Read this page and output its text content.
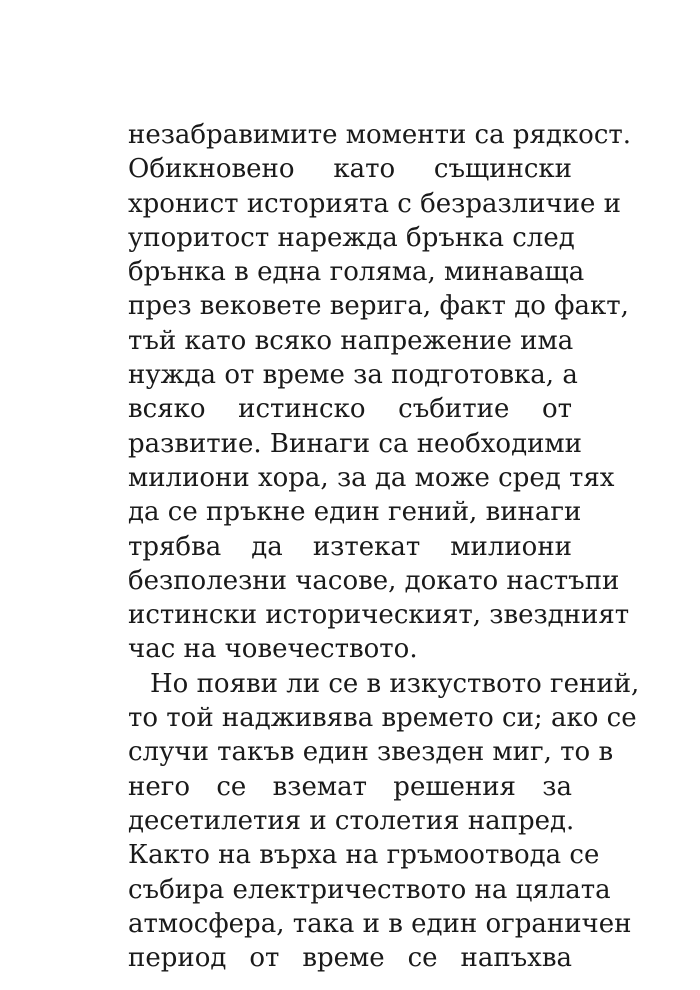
незабравимите моменти са рядкост.
Обикновено като същински
хронист историята с безразличие и
упоритост нарежда брънка след
брънка в една голяма, минаваща
през вековете верига, факт до факт,
тъй като всяко напрежение има
нужда от време за подготовка, а
всяко истинско събитие от
развитие. Винаги са необходими
милиони хора, за да може сред тях
да се пръкне един гений, винаги
трябва да изтекат милиони
безполезни часове, докато настъпи
истински историческият, звездният
час на човечеството.
Но появи ли се в изкуството гений,
то той надживява времето си; ако се
случи такъв един звезден миг, то в
него се вземат решения за
десетилетия и столетия напред.
Както на върха на гръмоотвода се
събира електричеството на цялата
атмосфера, така и в един ограничен
период от време се напъхва
